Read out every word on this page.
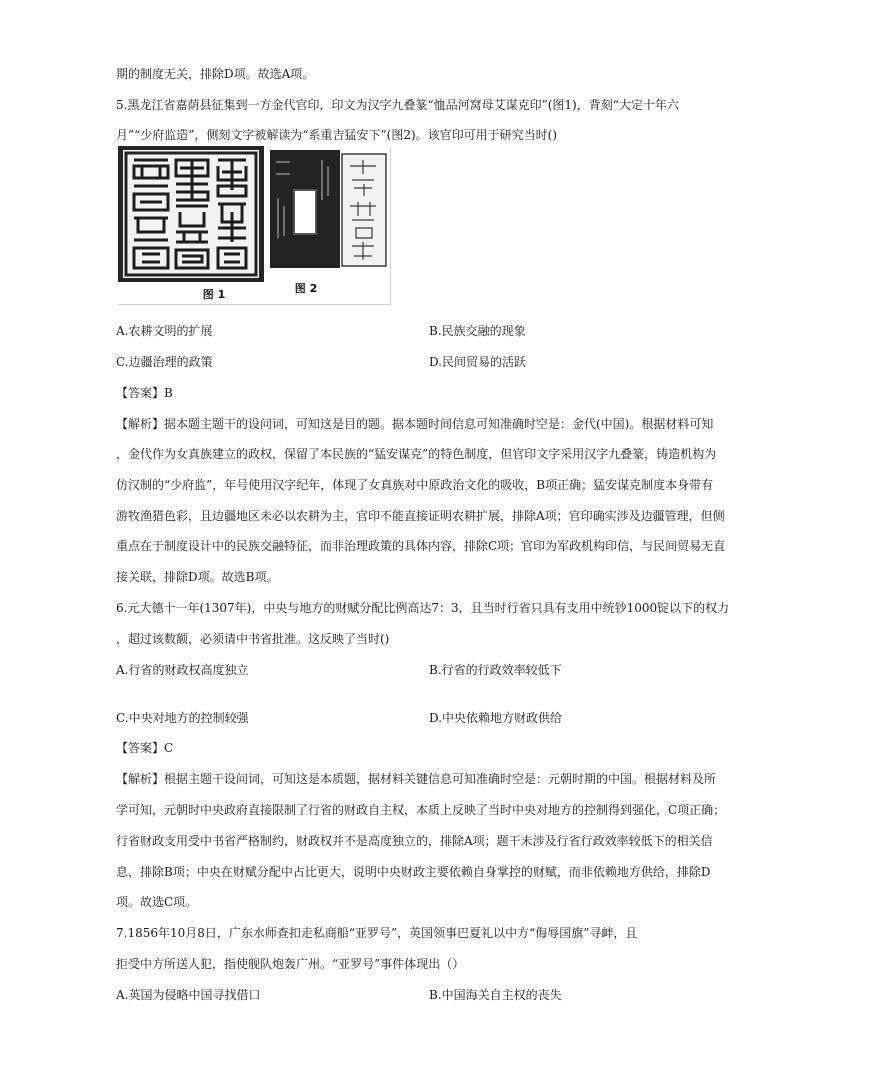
期的制度无关，排除D项。故选A项。
5.黑龙江省嘉荫县征集到一方金代官印，印文为汉字九叠篆“恤品河窝母艾谋克印”(图1)，背刻“大定十年六
月”“少府监造”，侧刻文字被解读为“系重吉猛安下”(图2)。该官印可用于研究当时()
图 1	图 2
A.农耕文明的扩展	B.民族交融的现象
C.边疆治理的政策	D.民间贸易的活跃
【答案】B
【解析】据本题主题干的设问词，可知这是目的题。据本题时间信息可知准确时空是：金代(中国)。根据材料可知
，金代作为女真族建立的政权，保留了本民族的“猛安谋克”的特色制度，但官印文字采用汉字九叠篆，铸造机构为
仿汉制的“少府监”，年号使用汉字纪年，体现了女真族对中原政治文化的吸收，B项正确；猛安谋克制度本身带有
游牧渔猎色彩，且边疆地区未必以农耕为主，官印不能直接证明农耕扩展，排除A项；官印确实涉及边疆管理，但侧
重点在于制度设计中的民族交融特征，而非治理政策的具体内容，排除C项；官印为军政机构印信，与民间贸易无直
接关联，排除D项。故选B项。
6.元大德十一年(1307年)，中央与地方的财赋分配比例高达7：3，且当时行省只具有支用中统钞1000锭以下的权力
，超过该数额，必须请中书省批准。这反映了当时()
A.行省的财政权高度独立	B.行省的行政效率较低下
C.中央对地方的控制较强	D.中央依赖地方财政供给
【答案】C
【解析】根据主题干设问词，可知这是本质题，据材料关键信息可知准确时空是：元朝时期的中国。根据材料及所
学可知，元朝时中央政府直接限制了行省的财政自主权，本质上反映了当时中央对地方的控制得到强化，C项正确；
行省财政支用受中书省严格制约，财政权并不是高度独立的，排除A项；题干未涉及行省行政效率较低下的相关信
息，排除B项；中央在财赋分配中占比更大，说明中央财政主要依赖自身掌控的财赋，而非依赖地方供给，排除D
项。故选C项。
7.1856年10月8日，广东水师查扣走私商船“亚罗号”，英国领事巴夏礼以中方“侮辱国旗”寻衅，且
拒受中方所送人犯，指使舰队炮轰广州。“亚罗号”事件体现出（）
A.英国为侵略中国寻找借口	B.中国海关自主权的丧失
